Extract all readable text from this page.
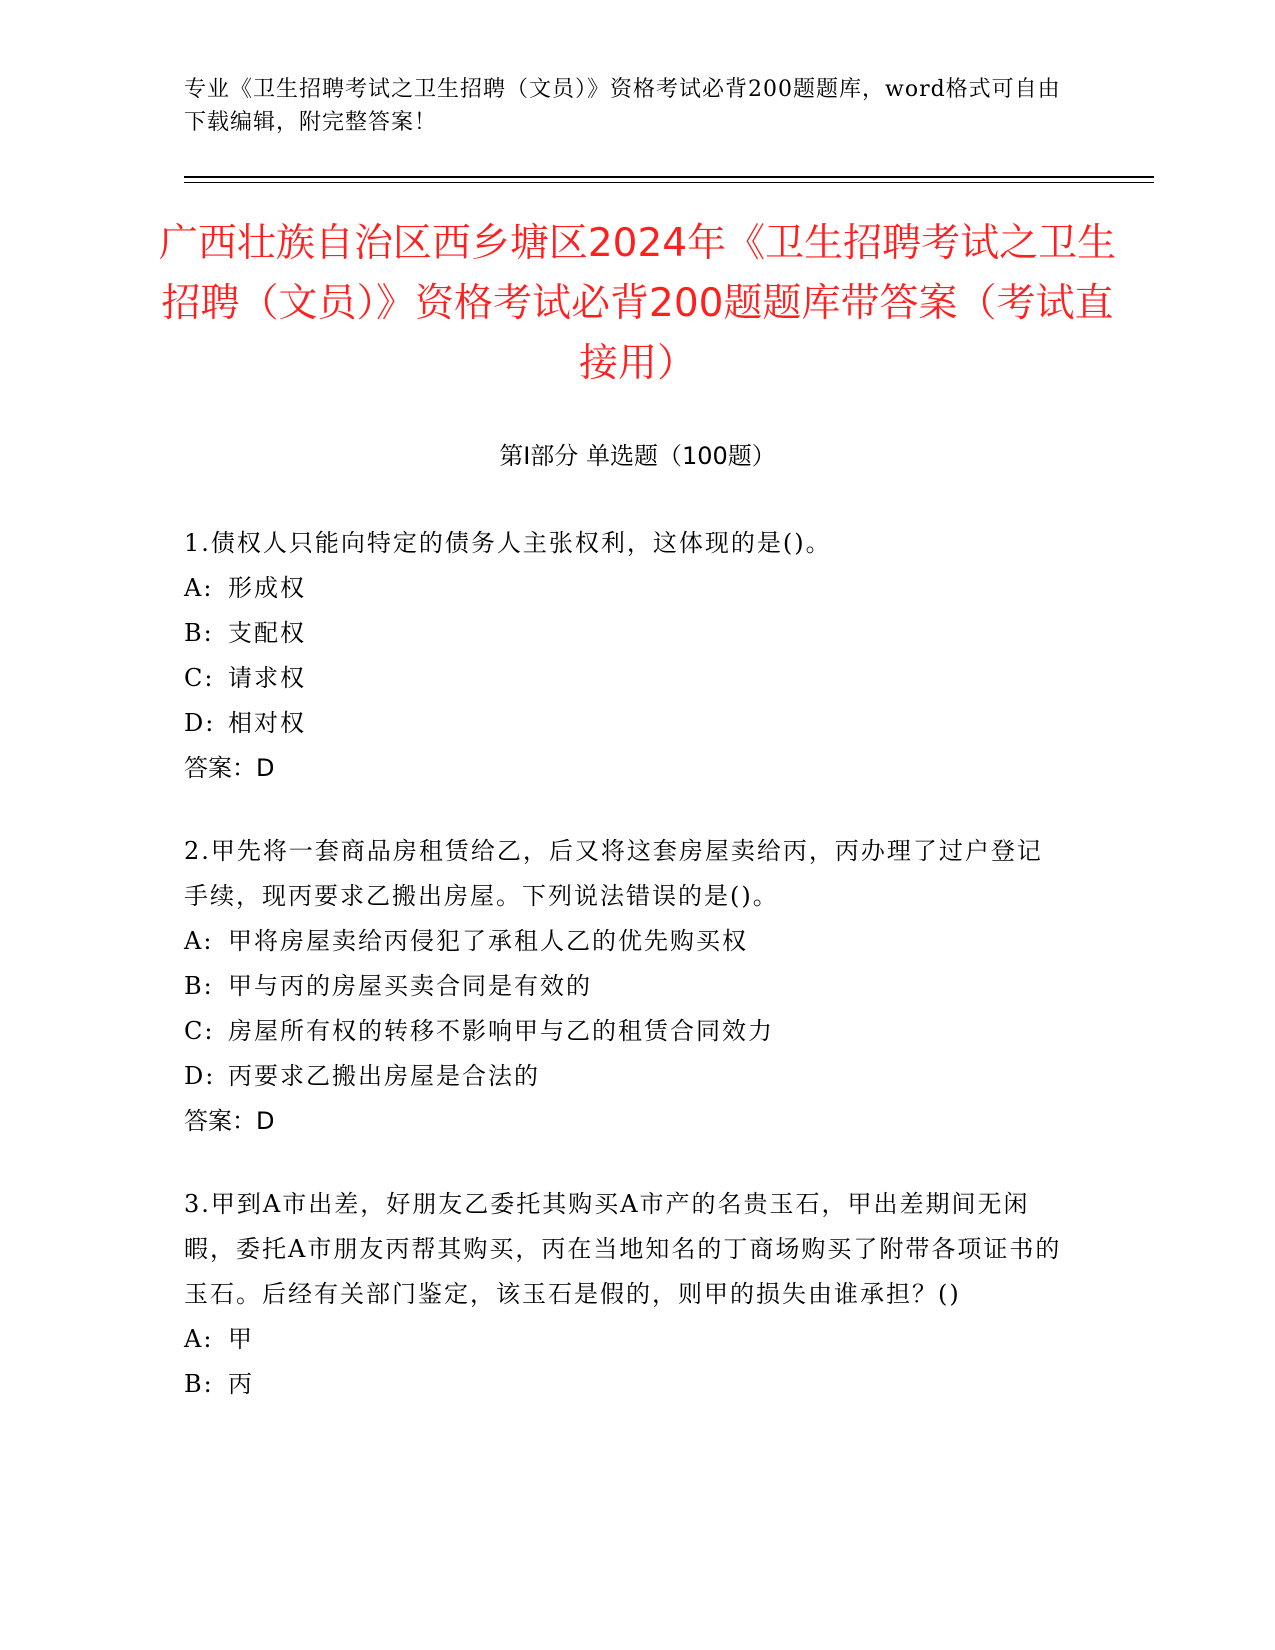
专业《卫生招聘考试之卫生招聘（文员）》资格考试必背200题题库，word格式可自由下载编辑，附完整答案！
广西壮族自治区西乡塘区2024年《卫生招聘考试之卫生招聘（文员）》资格考试必背200题题库带答案（考试直接用）
第Ⅰ部分 单选题（100题）
1.债权人只能向特定的债务人主张权利，这体现的是()。
A: 形成权
B: 支配权
C: 请求权
D: 相对权
答案：D
2.甲先将一套商品房租赁给乙，后又将这套房屋卖给丙，丙办理了过户登记手续，现丙要求乙搬出房屋。下列说法错误的是()。
A: 甲将房屋卖给丙侵犯了承租人乙的优先购买权
B: 甲与丙的房屋买卖合同是有效的
C: 房屋所有权的转移不影响甲与乙的租赁合同效力
D: 丙要求乙搬出房屋是合法的
答案：D
3.甲到A市出差，好朋友乙委托其购买A市产的名贵玉石，甲出差期间无闲暇，委托A市朋友丙帮其购买，丙在当地知名的丁商场购买了附带各项证书的玉石。后经有关部门鉴定，该玉石是假的，则甲的损失由谁承担？()
A: 甲
B: 丙
